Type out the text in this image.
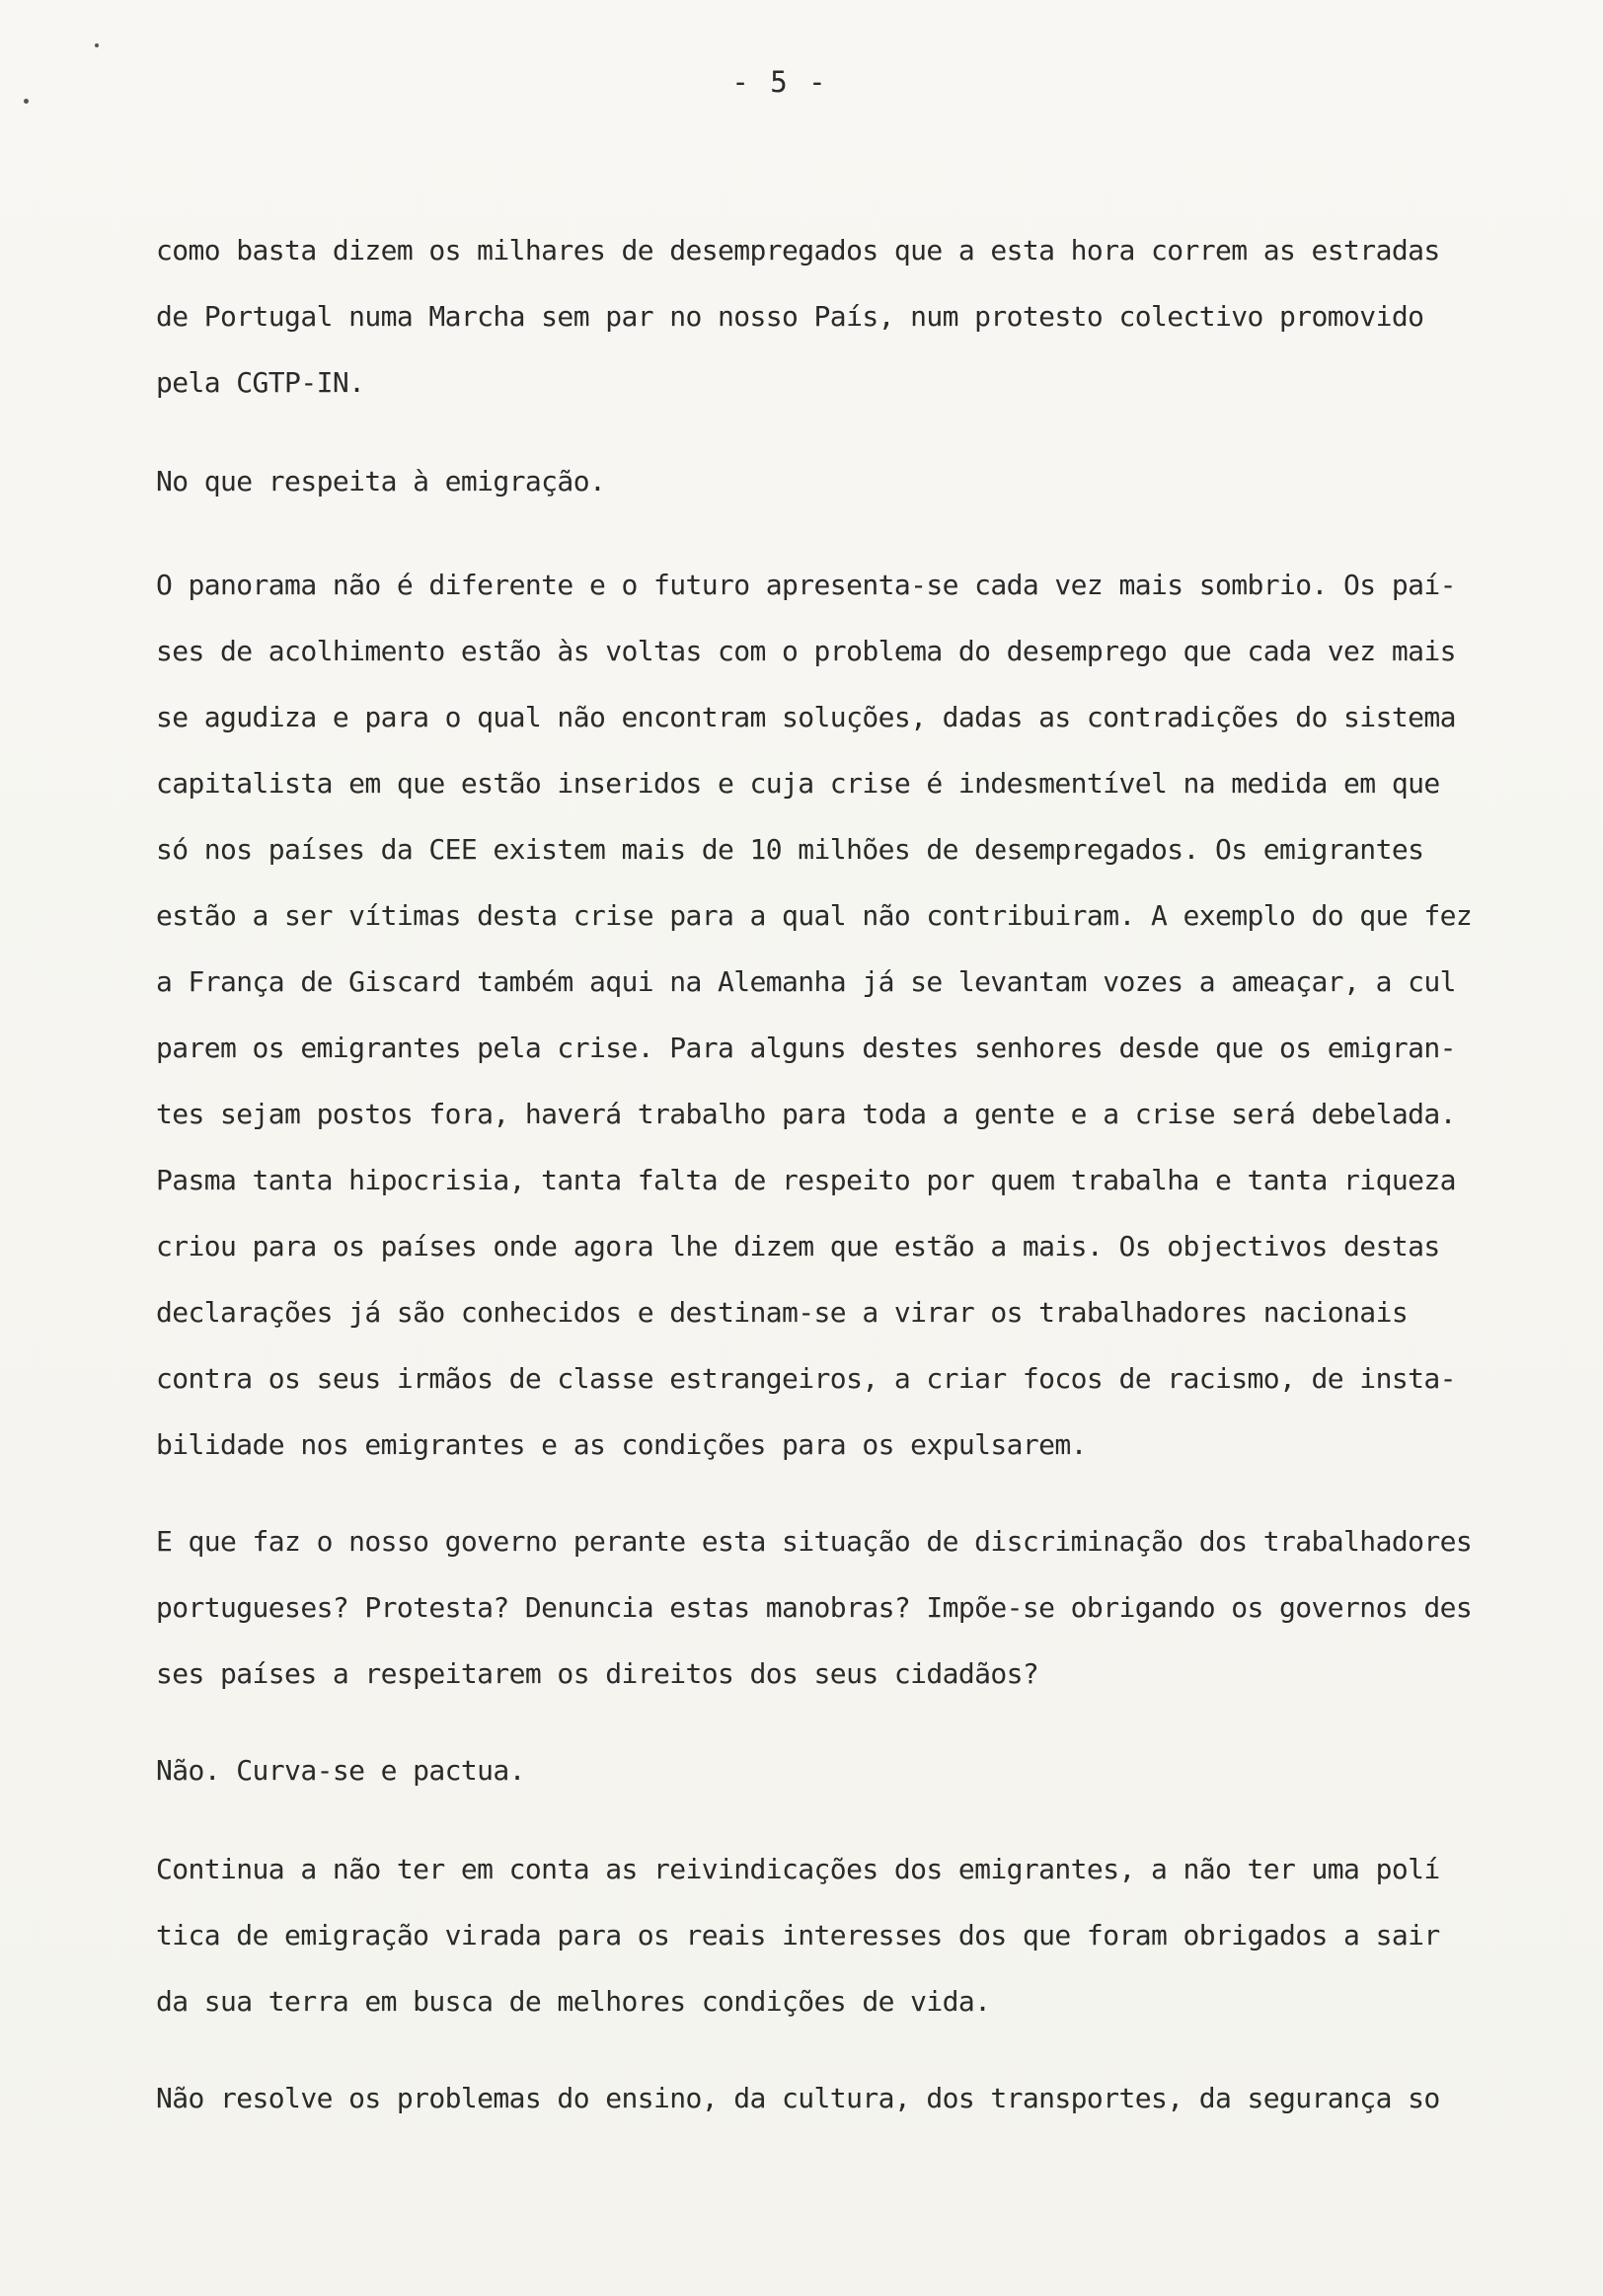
- 5 -
como basta dizem os milhares de desempregados que a esta hora correm as estradas
de Portugal numa Marcha sem par no nosso País, num protesto colectivo promovido
pela CGTP-IN.
No que respeita à emigração.
O panorama não é diferente e o futuro apresenta-se cada vez mais sombrio. Os paí-
ses de acolhimento estão às voltas com o problema do desemprego que cada vez mais
se agudiza e para o qual não encontram soluções, dadas as contradições do sistema
capitalista em que estão inseridos e cuja crise é indesmentível na medida em que
só nos países da CEE existem mais de 10 milhões de desempregados. Os emigrantes
estão a ser vítimas desta crise para a qual não contribuiram. A exemplo do que fez
a França de Giscard também aqui na Alemanha já se levantam vozes a ameaçar, a cul
parem os emigrantes pela crise. Para alguns destes senhores desde que os emigran-
tes sejam postos fora, haverá trabalho para toda a gente e a crise será debelada.
Pasma tanta hipocrisia, tanta falta de respeito por quem trabalha e tanta riqueza
criou para os países onde agora lhe dizem que estão a mais. Os objectivos destas
declarações já são conhecidos e destinam-se a virar os trabalhadores nacionais
contra os seus irmãos de classe estrangeiros, a criar focos de racismo, de insta-
bilidade nos emigrantes e as condições para os expulsarem.
E que faz o nosso governo perante esta situação de discriminação dos trabalhadores
portugueses? Protesta? Denuncia estas manobras? Impõe-se obrigando os governos des
ses países a respeitarem os direitos dos seus cidadãos?
Não. Curva-se e pactua.
Continua a não ter em conta as reivindicações dos emigrantes, a não ter uma polí
tica de emigração virada para os reais interesses dos que foram obrigados a sair
da sua terra em busca de melhores condições de vida.
Não resolve os problemas do ensino, da cultura, dos transportes, da segurança so
